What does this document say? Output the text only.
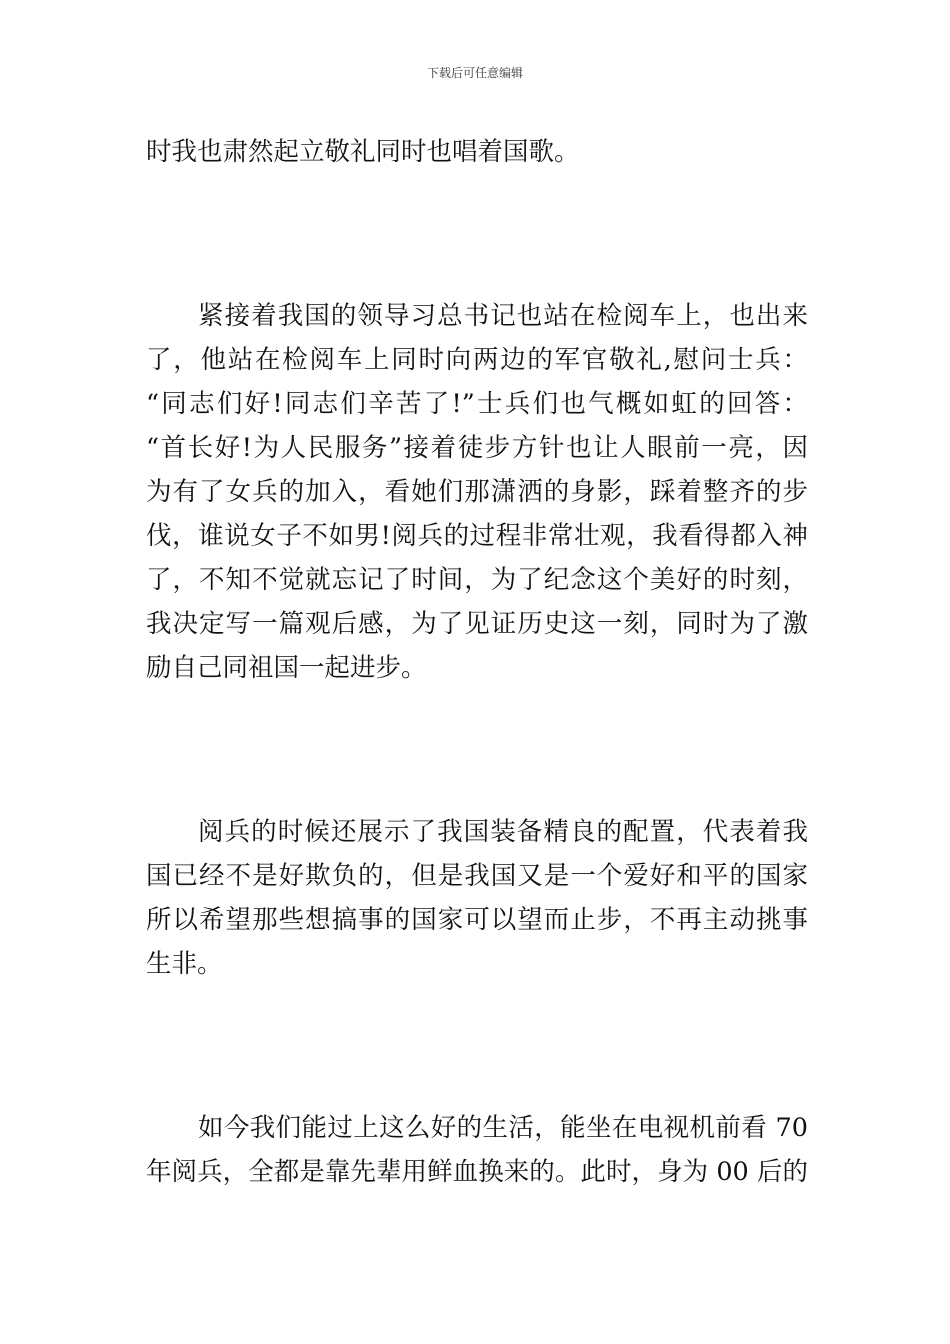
下载后可任意编辑
时我也肃然起立敬礼同时也唱着国歌。
紧接着我国的领导习总书记也站在检阅车上，也出来
了，他站在检阅车上同时向两边的军官敬礼,慰问士兵：
“同志们好!同志们辛苦了!”士兵们也气概如虹的回答：
“首长好!为人民服务”接着徒步方针也让人眼前一亮，因
为有了女兵的加入，看她们那潇洒的身影，踩着整齐的步
伐，谁说女子不如男!阅兵的过程非常壮观，我看得都入神
了，不知不觉就忘记了时间，为了纪念这个美好的时刻，
我决定写一篇观后感，为了见证历史这一刻，同时为了激
励自己同祖国一起进步。
阅兵的时候还展示了我国装备精良的配置，代表着我
国已经不是好欺负的，但是我国又是一个爱好和平的国家
所以希望那些想搞事的国家可以望而止步，不再主动挑事
生非。
如今我们能过上这么好的生活，能坐在电视机前看 70
年阅兵，全都是靠先辈用鲜血换来的。此时，身为 00 后的
